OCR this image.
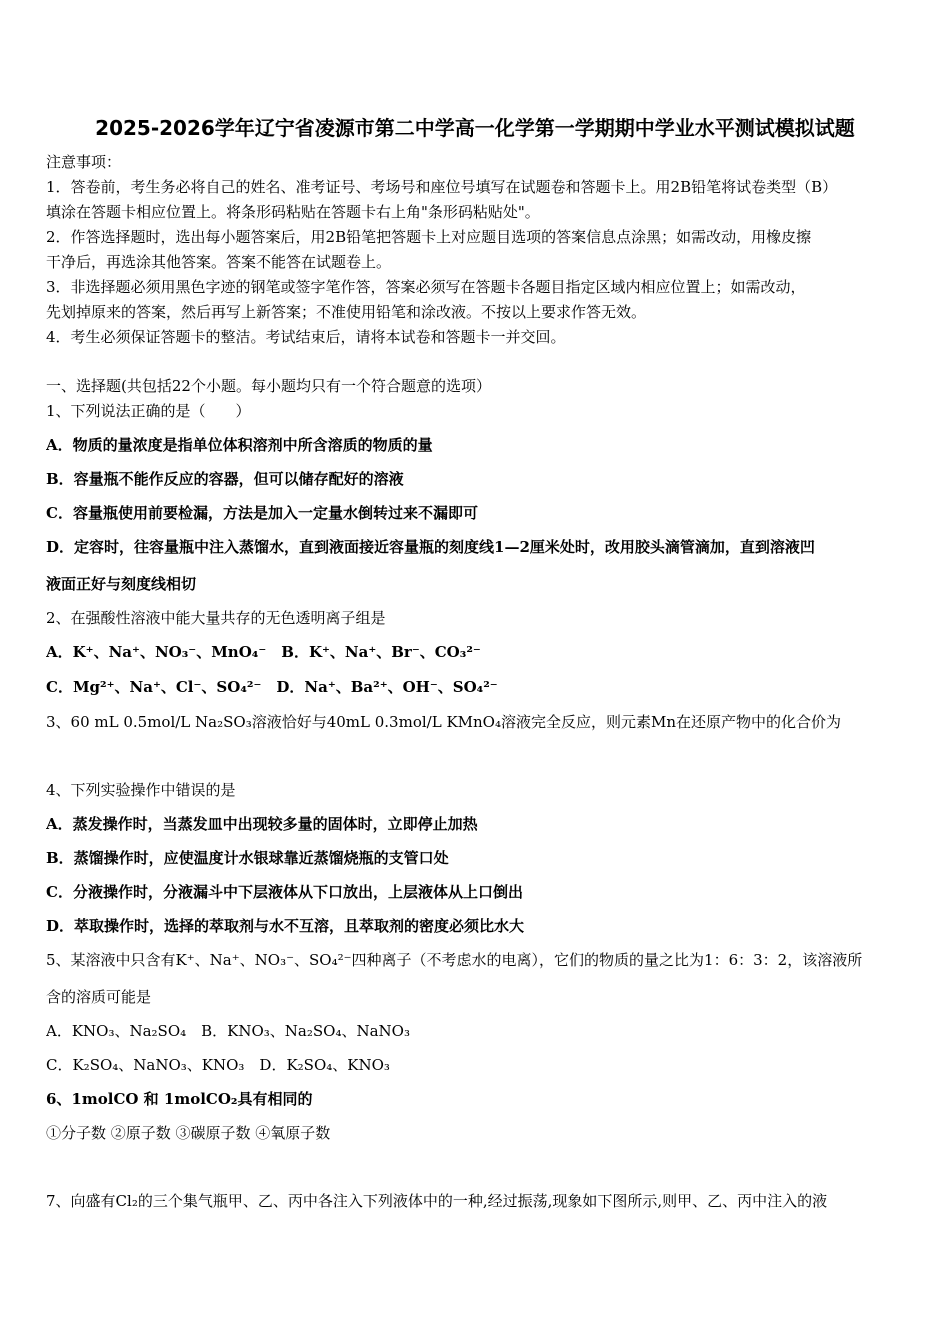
2025-2026学年辽宁省凌源市第二中学高一化学第一学期期中学业水平测试模拟试题
注意事项：
1．答卷前，考生务必将自己的姓名、准考证号、考场号和座位号填写在试题卷和答题卡上。用2B铅笔将试卷类型（B）
填涂在答题卡相应位置上。将条形码粘贴在答题卡右上角"条形码粘贴处"。
2．作答选择题时，选出每小题答案后，用2B铅笔把答题卡上对应题目选项的答案信息点涂黑；如需改动，用橡皮擦
干净后，再选涂其他答案。答案不能答在试题卷上。
3．非选择题必须用黑色字迹的钢笔或签字笔作答，答案必须写在答题卡各题目指定区域内相应位置上；如需改动，
先划掉原来的答案，然后再写上新答案；不准使用铅笔和涂改液。不按以上要求作答无效。
4．考生必须保证答题卡的整洁。考试结束后，请将本试卷和答题卡一并交回。
一、选择题(共包括22个小题。每小题均只有一个符合题意的选项）
1、下列说法正确的是（　　）
A．物质的量浓度是指单位体积溶剂中所含溶质的物质的量
B．容量瓶不能作反应的容器，但可以储存配好的溶液
C．容量瓶使用前要检漏，方法是加入一定量水倒转过来不漏即可
D．定容时，往容量瓶中注入蒸馏水，直到液面接近容量瓶的刻度线1—2厘米处时，改用胶头滴管滴加，直到溶液凹
液面正好与刻度线相切
2、在强酸性溶液中能大量共存的无色透明离子组是
A．K⁺、Na⁺、NO₃⁻、MnO₄⁻　B．K⁺、Na⁺、Br⁻、CO₃²⁻
C．Mg²⁺、Na⁺、Cl⁻、SO₄²⁻　D．Na⁺、Ba²⁺、OH⁻、SO₄²⁻
3、60 mL 0.5mol/L Na₂SO₃溶液恰好与40mL 0.3mol/L KMnO₄溶液完全反应，则元素Mn在还原产物中的化合价为
4、下列实验操作中错误的是
A．蒸发操作时，当蒸发皿中出现较多量的固体时，立即停止加热
B．蒸馏操作时，应使温度计水银球靠近蒸馏烧瓶的支管口处
C．分液操作时，分液漏斗中下层液体从下口放出，上层液体从上口倒出
D．萃取操作时，选择的萃取剂与水不互溶，且萃取剂的密度必须比水大
5、某溶液中只含有K⁺、Na⁺、NO₃⁻、SO₄²⁻四种离子（不考虑水的电离），它们的物质的量之比为1：6：3：2，该溶液所
含的溶质可能是
A．KNO₃、Na₂SO₄　B．KNO₃、Na₂SO₄、NaNO₃
C．K₂SO₄、NaNO₃、KNO₃　D．K₂SO₄、KNO₃
6、1molCO 和 1molCO₂具有相同的
①分子数 ②原子数 ③碳原子数 ④氧原子数
7、向盛有Cl₂的三个集气瓶甲、乙、丙中各注入下列液体中的一种,经过振荡,现象如下图所示,则甲、乙、丙中注入的液
